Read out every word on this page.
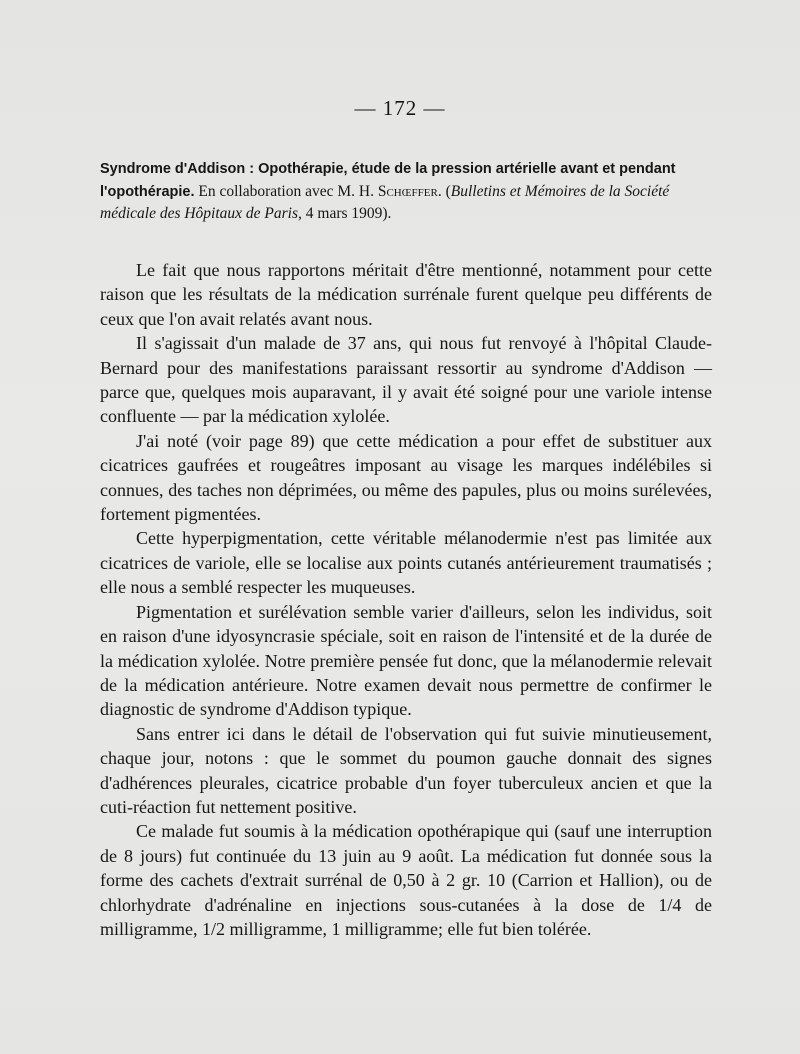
— 172 —
Syndrome d'Addison : Opothérapie, étude de la pression artérielle avant et pendant l'opothérapie. En collaboration avec M. H. Schœffer. (Bulletins et Mémoires de la Société médicale des Hôpitaux de Paris, 4 mars 1909).

Le fait que nous rapportons méritait d'être mentionné, notamment pour cette raison que les résultats de la médication surrénale furent quelque peu différents de ceux que l'on avait relatés avant nous.

Il s'agissait d'un malade de 37 ans, qui nous fut renvoyé à l'hôpital Claude-Bernard pour des manifestations paraissant ressortir au syndrome d'Addison — parce que, quelques mois auparavant, il y avait été soigné pour une variole intense confluente — par la médication xylolée.

J'ai noté (voir page 89) que cette médication a pour effet de substituer aux cicatrices gaufrées et rougeâtres imposant au visage les marques indélébiles si connues, des taches non déprimées, ou même des papules, plus ou moins surélevées, fortement pigmentées.

Cette hyperpigmentation, cette véritable mélanodermie n'est pas limitée aux cicatrices de variole, elle se localise aux points cutanés antérieurement traumatisés ; elle nous a semblé respecter les muqueuses.

Pigmentation et surélévation semble varier d'ailleurs, selon les individus, soit en raison d'une idyosyncrasie spéciale, soit en raison de l'intensité et de la durée de la médication xylolée. Notre première pensée fut donc, que la mélanodermie relevait de la médication antérieure. Notre examen devait nous permettre de confirmer le diagnostic de syndrome d'Addison typique.

Sans entrer ici dans le détail de l'observation qui fut suivie minutieusement, chaque jour, notons : que le sommet du poumon gauche donnait des signes d'adhérences pleurales, cicatrice probable d'un foyer tuberculeux ancien et que la cuti-réaction fut nettement positive.

Ce malade fut soumis à la médication opothérapique qui (sauf une interruption de 8 jours) fut continuée du 13 juin au 9 août. La médication fut donnée sous la forme des cachets d'extrait surrénal de 0,50 à 2 gr. 10 (Carrion et Hallion), ou de chlorhydrate d'adrénaline en injections sous-cutanées à la dose de 1/4 de milligramme, 1/2 milligramme, 1 milligramme; elle fut bien tolérée.
